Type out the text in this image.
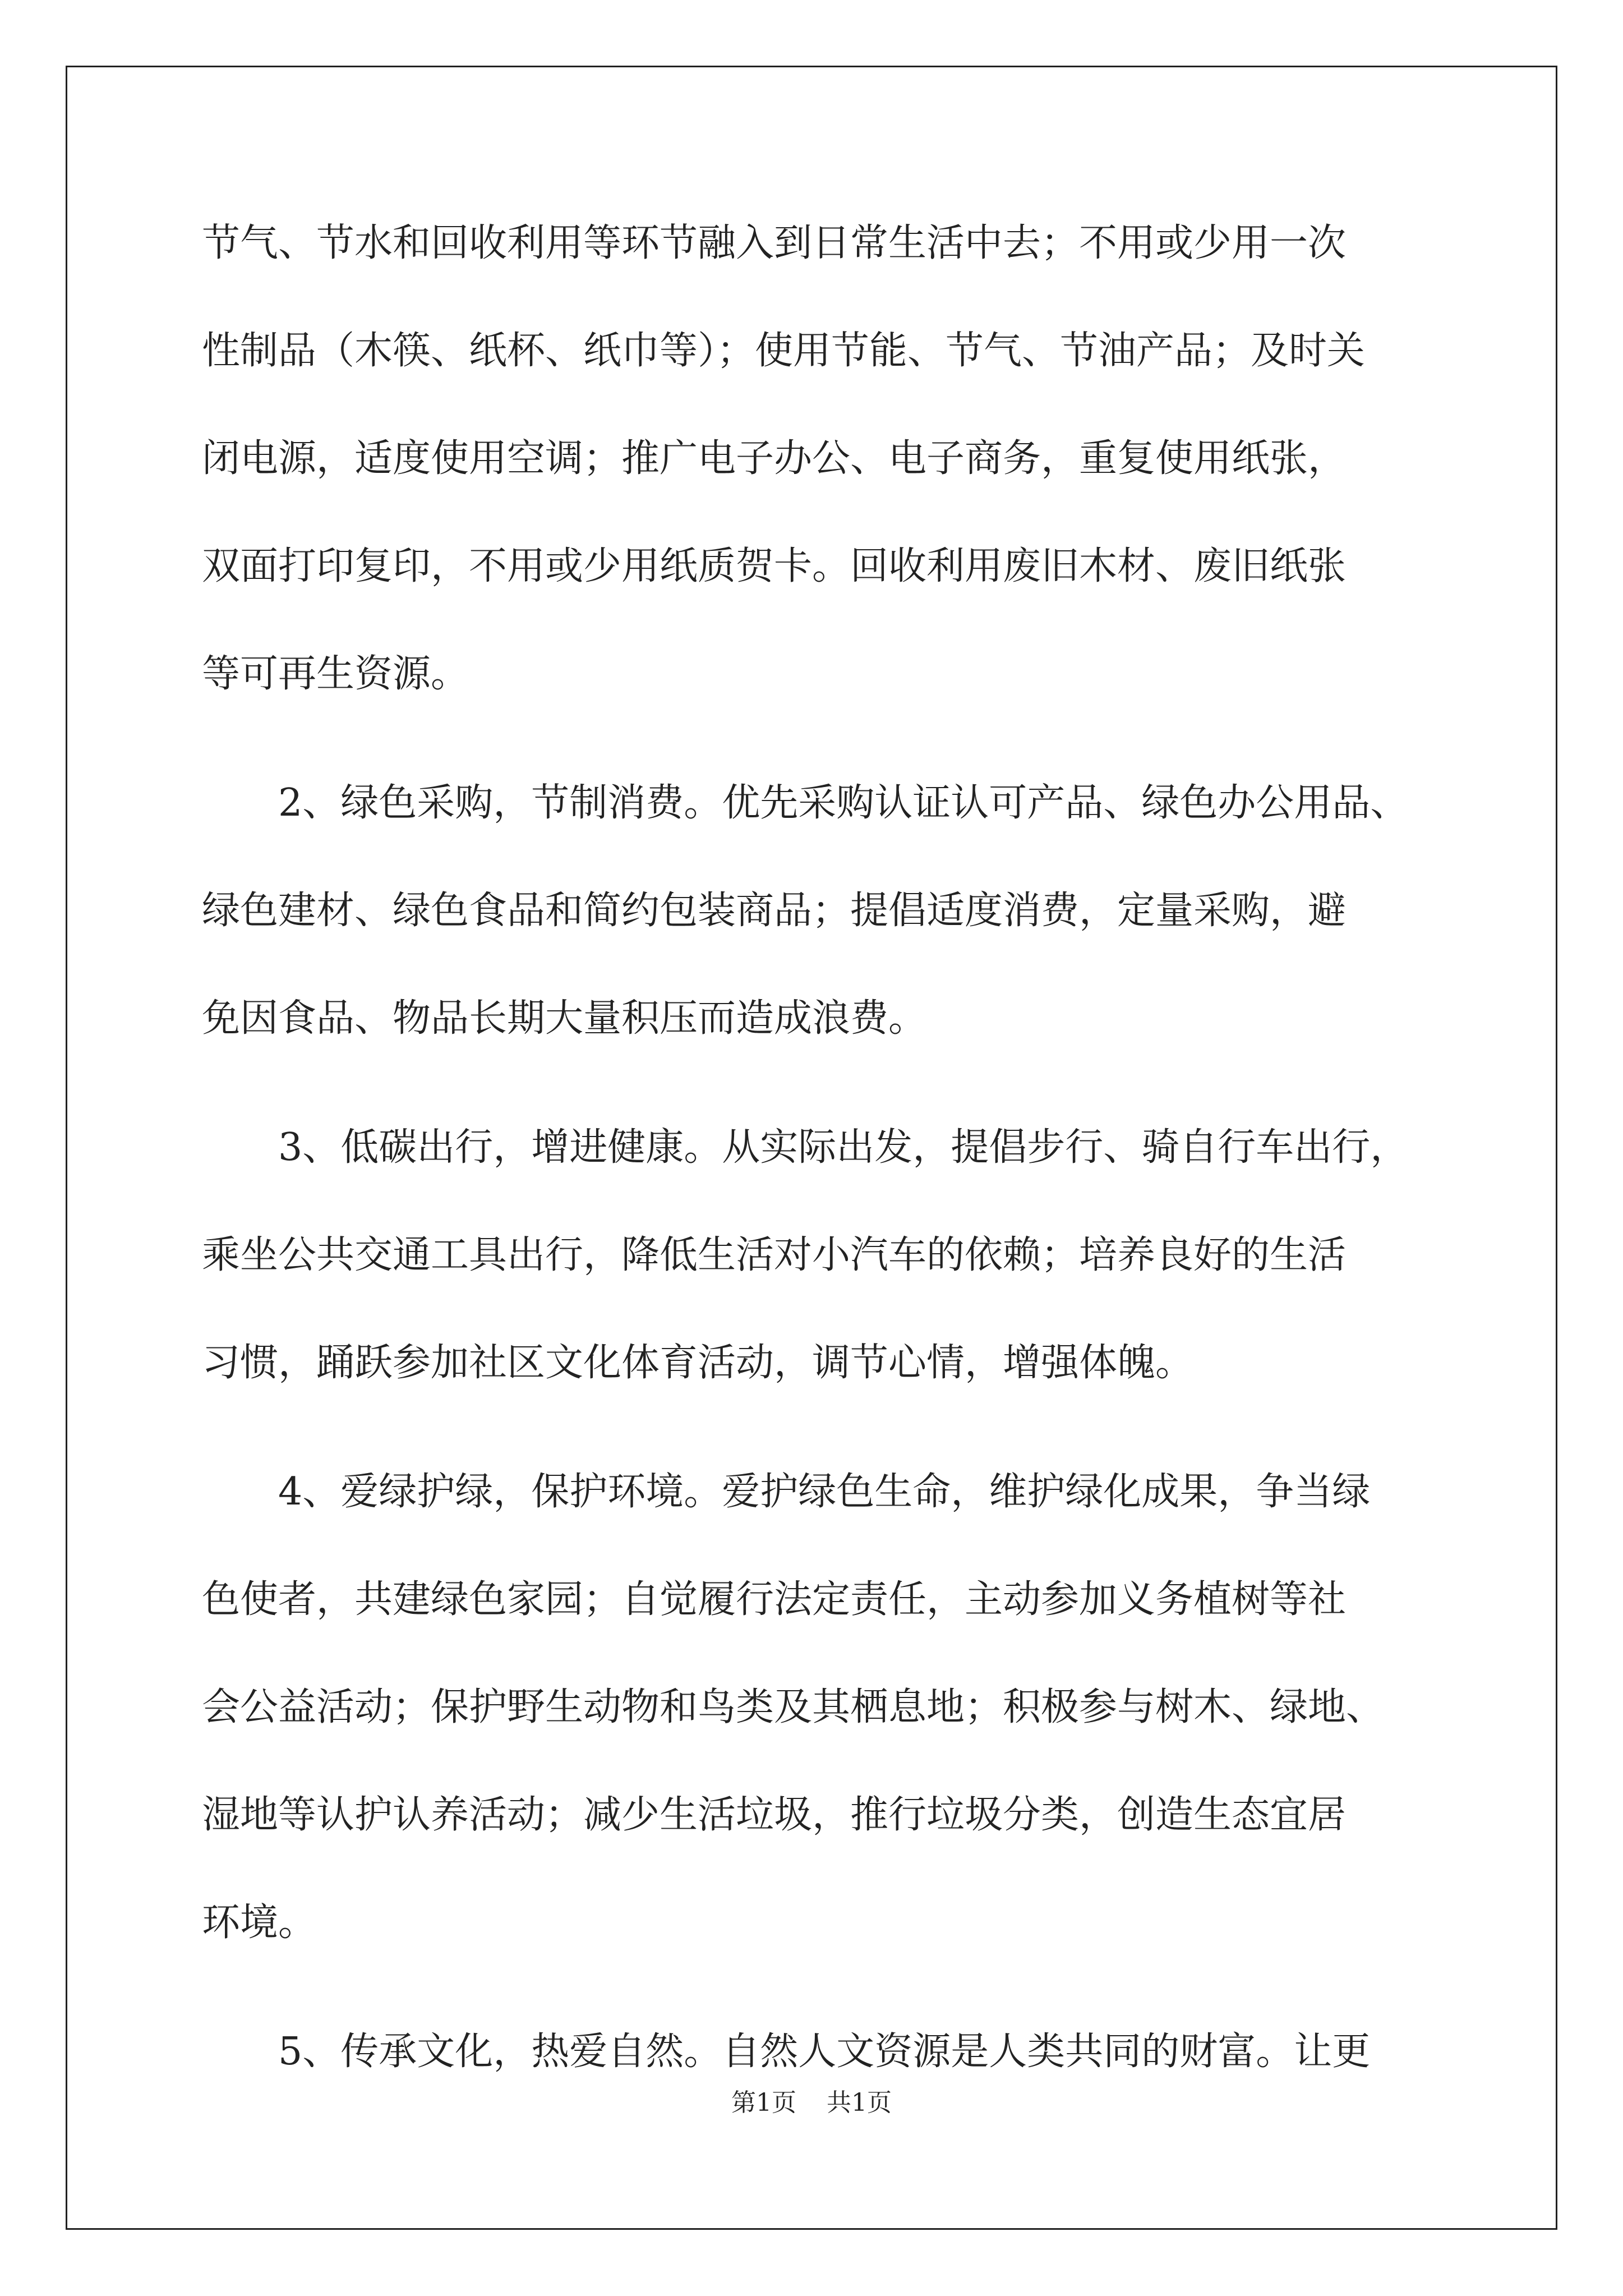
节气、节水和回收利用等环节融入到日常生活中去；不用或少用一次
性制品（木筷、纸杯、纸巾等）；使用节能、节气、节油产品；及时关
闭电源，适度使用空调；推广电子办公、电子商务，重复使用纸张，
双面打印复印，不用或少用纸质贺卡。回收利用废旧木材、废旧纸张
等可再生资源。
2、绿色采购，节制消费。优先采购认证认可产品、绿色办公用品、
绿色建材、绿色食品和简约包装商品；提倡适度消费，定量采购，避
免因食品、物品长期大量积压而造成浪费。
3、低碳出行，增进健康。从实际出发，提倡步行、骑自行车出行，
乘坐公共交通工具出行，降低生活对小汽车的依赖；培养良好的生活
习惯，踊跃参加社区文化体育活动，调节心情，增强体魄。
4、爱绿护绿，保护环境。爱护绿色生命，维护绿化成果，争当绿
色使者，共建绿色家园；自觉履行法定责任，主动参加义务植树等社
会公益活动；保护野生动物和鸟类及其栖息地；积极参与树木、绿地、
湿地等认护认养活动；减少生活垃圾，推行垃圾分类，创造生态宜居
环境。
5、传承文化，热爱自然。自然人文资源是人类共同的财富。让更
第1页 共1页
